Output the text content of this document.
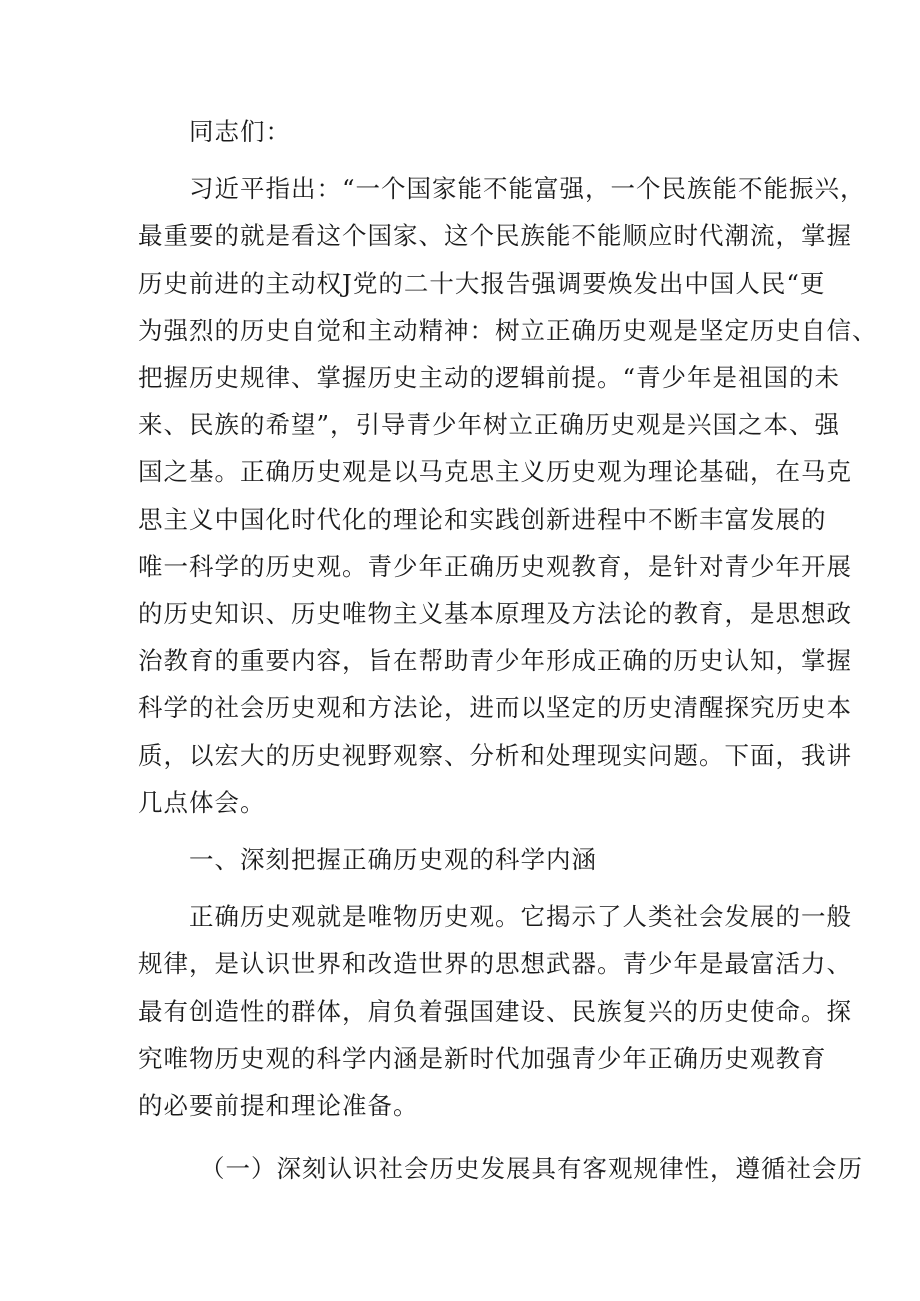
同志们：
习近平指出：“一个国家能不能富强，一个民族能不能振兴，
最重要的就是看这个国家、这个民族能不能顺应时代潮流，掌握
历史前进的主动权J党的二十大报告强调要焕发出中国人民“更
为强烈的历史自觉和主动精神：树立正确历史观是坚定历史自信、
把握历史规律、掌握历史主动的逻辑前提。“青少年是祖国的未
来、民族的希望”，引导青少年树立正确历史观是兴国之本、强
国之基。正确历史观是以马克思主义历史观为理论基础，在马克
思主义中国化时代化的理论和实践创新进程中不断丰富发展的
唯一科学的历史观。青少年正确历史观教育，是针对青少年开展
的历史知识、历史唯物主义基本原理及方法论的教育，是思想政
治教育的重要内容，旨在帮助青少年形成正确的历史认知，掌握
科学的社会历史观和方法论，进而以坚定的历史清醒探究历史本
质，以宏大的历史视野观察、分析和处理现实问题。下面，我讲
几点体会。
一、深刻把握正确历史观的科学内涵
正确历史观就是唯物历史观。它揭示了人类社会发展的一般
规律，是认识世界和改造世界的思想武器。青少年是最富活力、
最有创造性的群体，肩负着强国建设、民族复兴的历史使命。探
究唯物历史观的科学内涵是新时代加强青少年正确历史观教育
的必要前提和理论准备。
（一）深刻认识社会历史发展具有客观规律性，遵循社会历
